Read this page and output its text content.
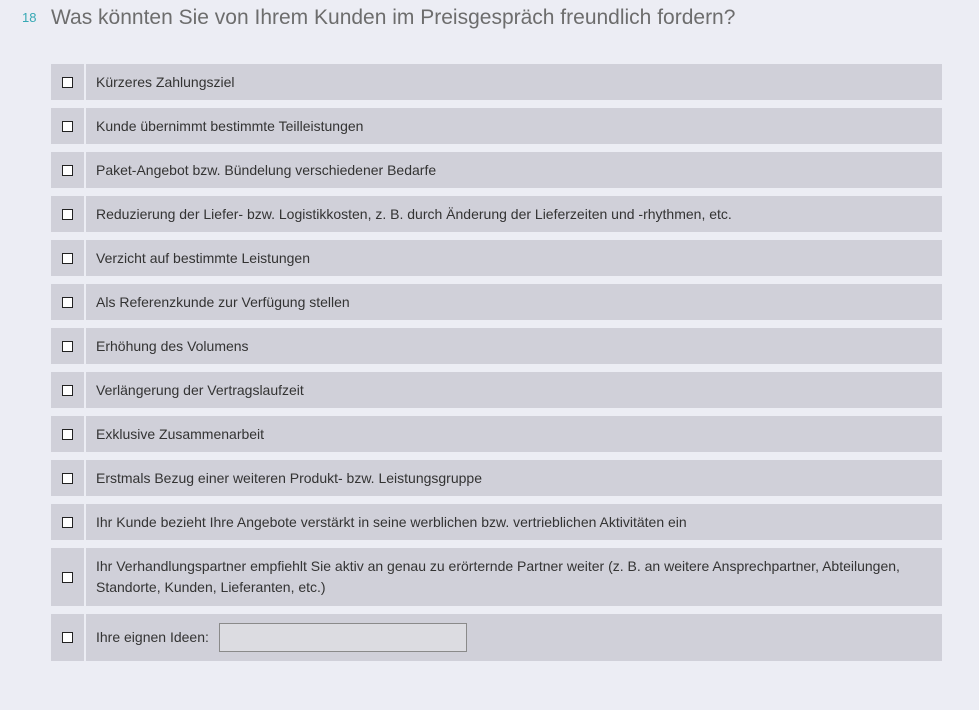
18 Was könnten Sie von Ihrem Kunden im Preisgespräch freundlich fordern?
Kürzeres Zahlungsziel
Kunde übernimmt bestimmte Teilleistungen
Paket-Angebot bzw. Bündelung verschiedener Bedarfe
Reduzierung der Liefer- bzw. Logistikkosten, z. B. durch Änderung der Lieferzeiten und -rhythmen, etc.
Verzicht auf bestimmte Leistungen
Als Referenzkunde zur Verfügung stellen
Erhöhung des Volumens
Verlängerung der Vertragslaufzeit
Exklusive Zusammenarbeit
Erstmals Bezug einer weiteren Produkt- bzw. Leistungsgruppe
Ihr Kunde bezieht Ihre Angebote verstärkt in seine werblichen bzw. vertrieblichen Aktivitäten ein
Ihr Verhandlungspartner empfiehlt Sie aktiv an genau zu erörternde Partner weiter (z. B. an weitere Ansprechpartner, Abteilungen, Standorte, Kunden, Lieferanten, etc.)
Ihre eignen Ideen:
